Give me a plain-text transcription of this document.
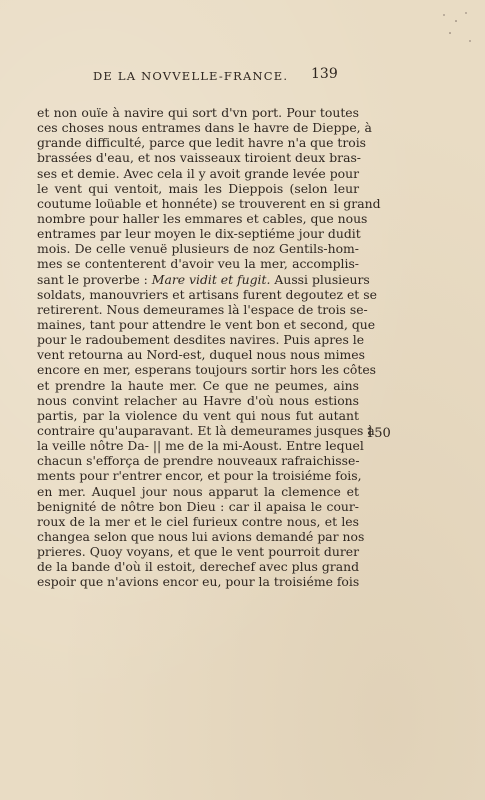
DE LA NOVVELLE-FRANCE. 139
et non ouïe à navire qui sort d'vn port. Pour toutes
ces choses nous entrames dans le havre de Dieppe, à
grande difficulté, parce que ledit havre n'a que trois
brassées d'eau, et nos vaisseaux tiroient deux bras-
ses et demie. Avec cela il y avoit grande levée pour
le vent qui ventoit, mais les Dieppois (selon leur
coutume loüable et honnéte) se trouverent en si grand
nombre pour haller les emmares et cables, que nous
entrames par leur moyen le dix-septiéme jour dudit
mois. De celle venuë plusieurs de noz Gentils-hom-
mes se contenterent d'avoir veu la mer, accomplis-
sant le proverbe : Mare vidit et fugit. Aussi plusieurs
soldats, manouvriers et artisans furent degoutez et se
retirerent. Nous demeurames là l'espace de trois se-
maines, tant pour attendre le vent bon et second, que
pour le radoubement desdites navires. Puis apres le
vent retourna au Nord-est, duquel nous nous mimes
encore en mer, esperans toujours sortir hors les côtes
et prendre la haute mer. Ce que ne peumes, ains
nous convint relacher au Havre d'où nous estions
partis, par la violence du vent qui nous fut autant
contraire qu'auparavant. Et là demeurames jusques à
la veille nôtre Da- || me de la mi-Aoust. Entre lequel
chacun s'efforça de prendre nouveaux rafraichisse-
ments pour r'entrer encor, et pour la troisiéme fois,
en mer. Auquel jour nous apparut la clemence et
benignité de nôtre bon Dieu : car il apaisa le cour-
roux de la mer et le ciel furieux contre nous, et les
changea selon que nous lui avions demandé par nos
prieres. Quoy voyans, et que le vent pourroit durer
de la bande d'où il estoit, derechef avec plus grand
espoir que n'avions encor eu, pour la troisiéme fois
150
